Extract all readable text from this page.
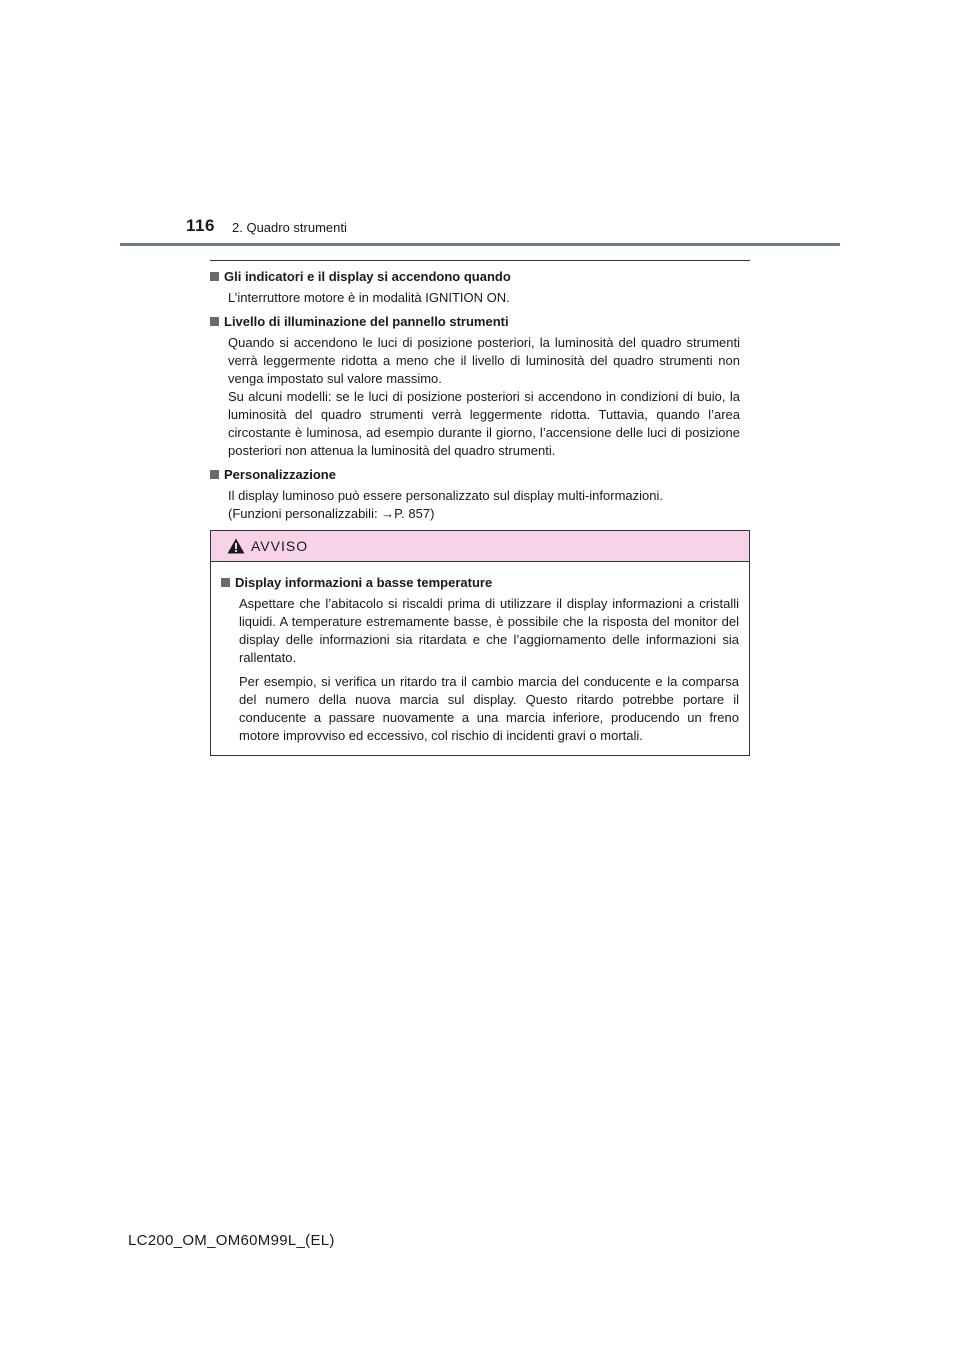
116 2. Quadro strumenti
Gli indicatori e il display si accendono quando

L’interruttore motore è in modalità IGNITION ON.

Livello di illuminazione del pannello strumenti

Quando si accendono le luci di posizione posteriori, la luminosità del quadro strumenti verrà leggermente ridotta a meno che il livello di luminosità del quadro strumenti non venga impostato sul valore massimo.

Su alcuni modelli: se le luci di posizione posteriori si accendono in condizioni di buio, la luminosità del quadro strumenti verrà leggermente ridotta. Tuttavia, quando l’area circostante è luminosa, ad esempio durante il giorno, l’accensione delle luci di posizione posteriori non attenua la luminosità del quadro strumenti.

Personalizzazione

Il display luminoso può essere personalizzato sul display multi-informazioni.

(Funzioni personalizzabili: →P. 857)

AVVISO
Display informazioni a basse temperature

Aspettare che l’abitacolo si riscaldi prima di utilizzare il display informazioni a cristalli liquidi. A temperature estremamente basse, è possibile che la risposta del monitor del display delle informazioni sia ritardata e che l’aggiornamento delle informazioni sia rallentato.

Per esempio, si verifica un ritardo tra il cambio marcia del conducente e la comparsa del numero della nuova marcia sul display. Questo ritardo potrebbe portare il conducente a passare nuovamente a una marcia inferiore, producendo un freno motore improvviso ed eccessivo, col rischio di incidenti gravi o mortali.

LC200_OM_OM60M99L_(EL)
